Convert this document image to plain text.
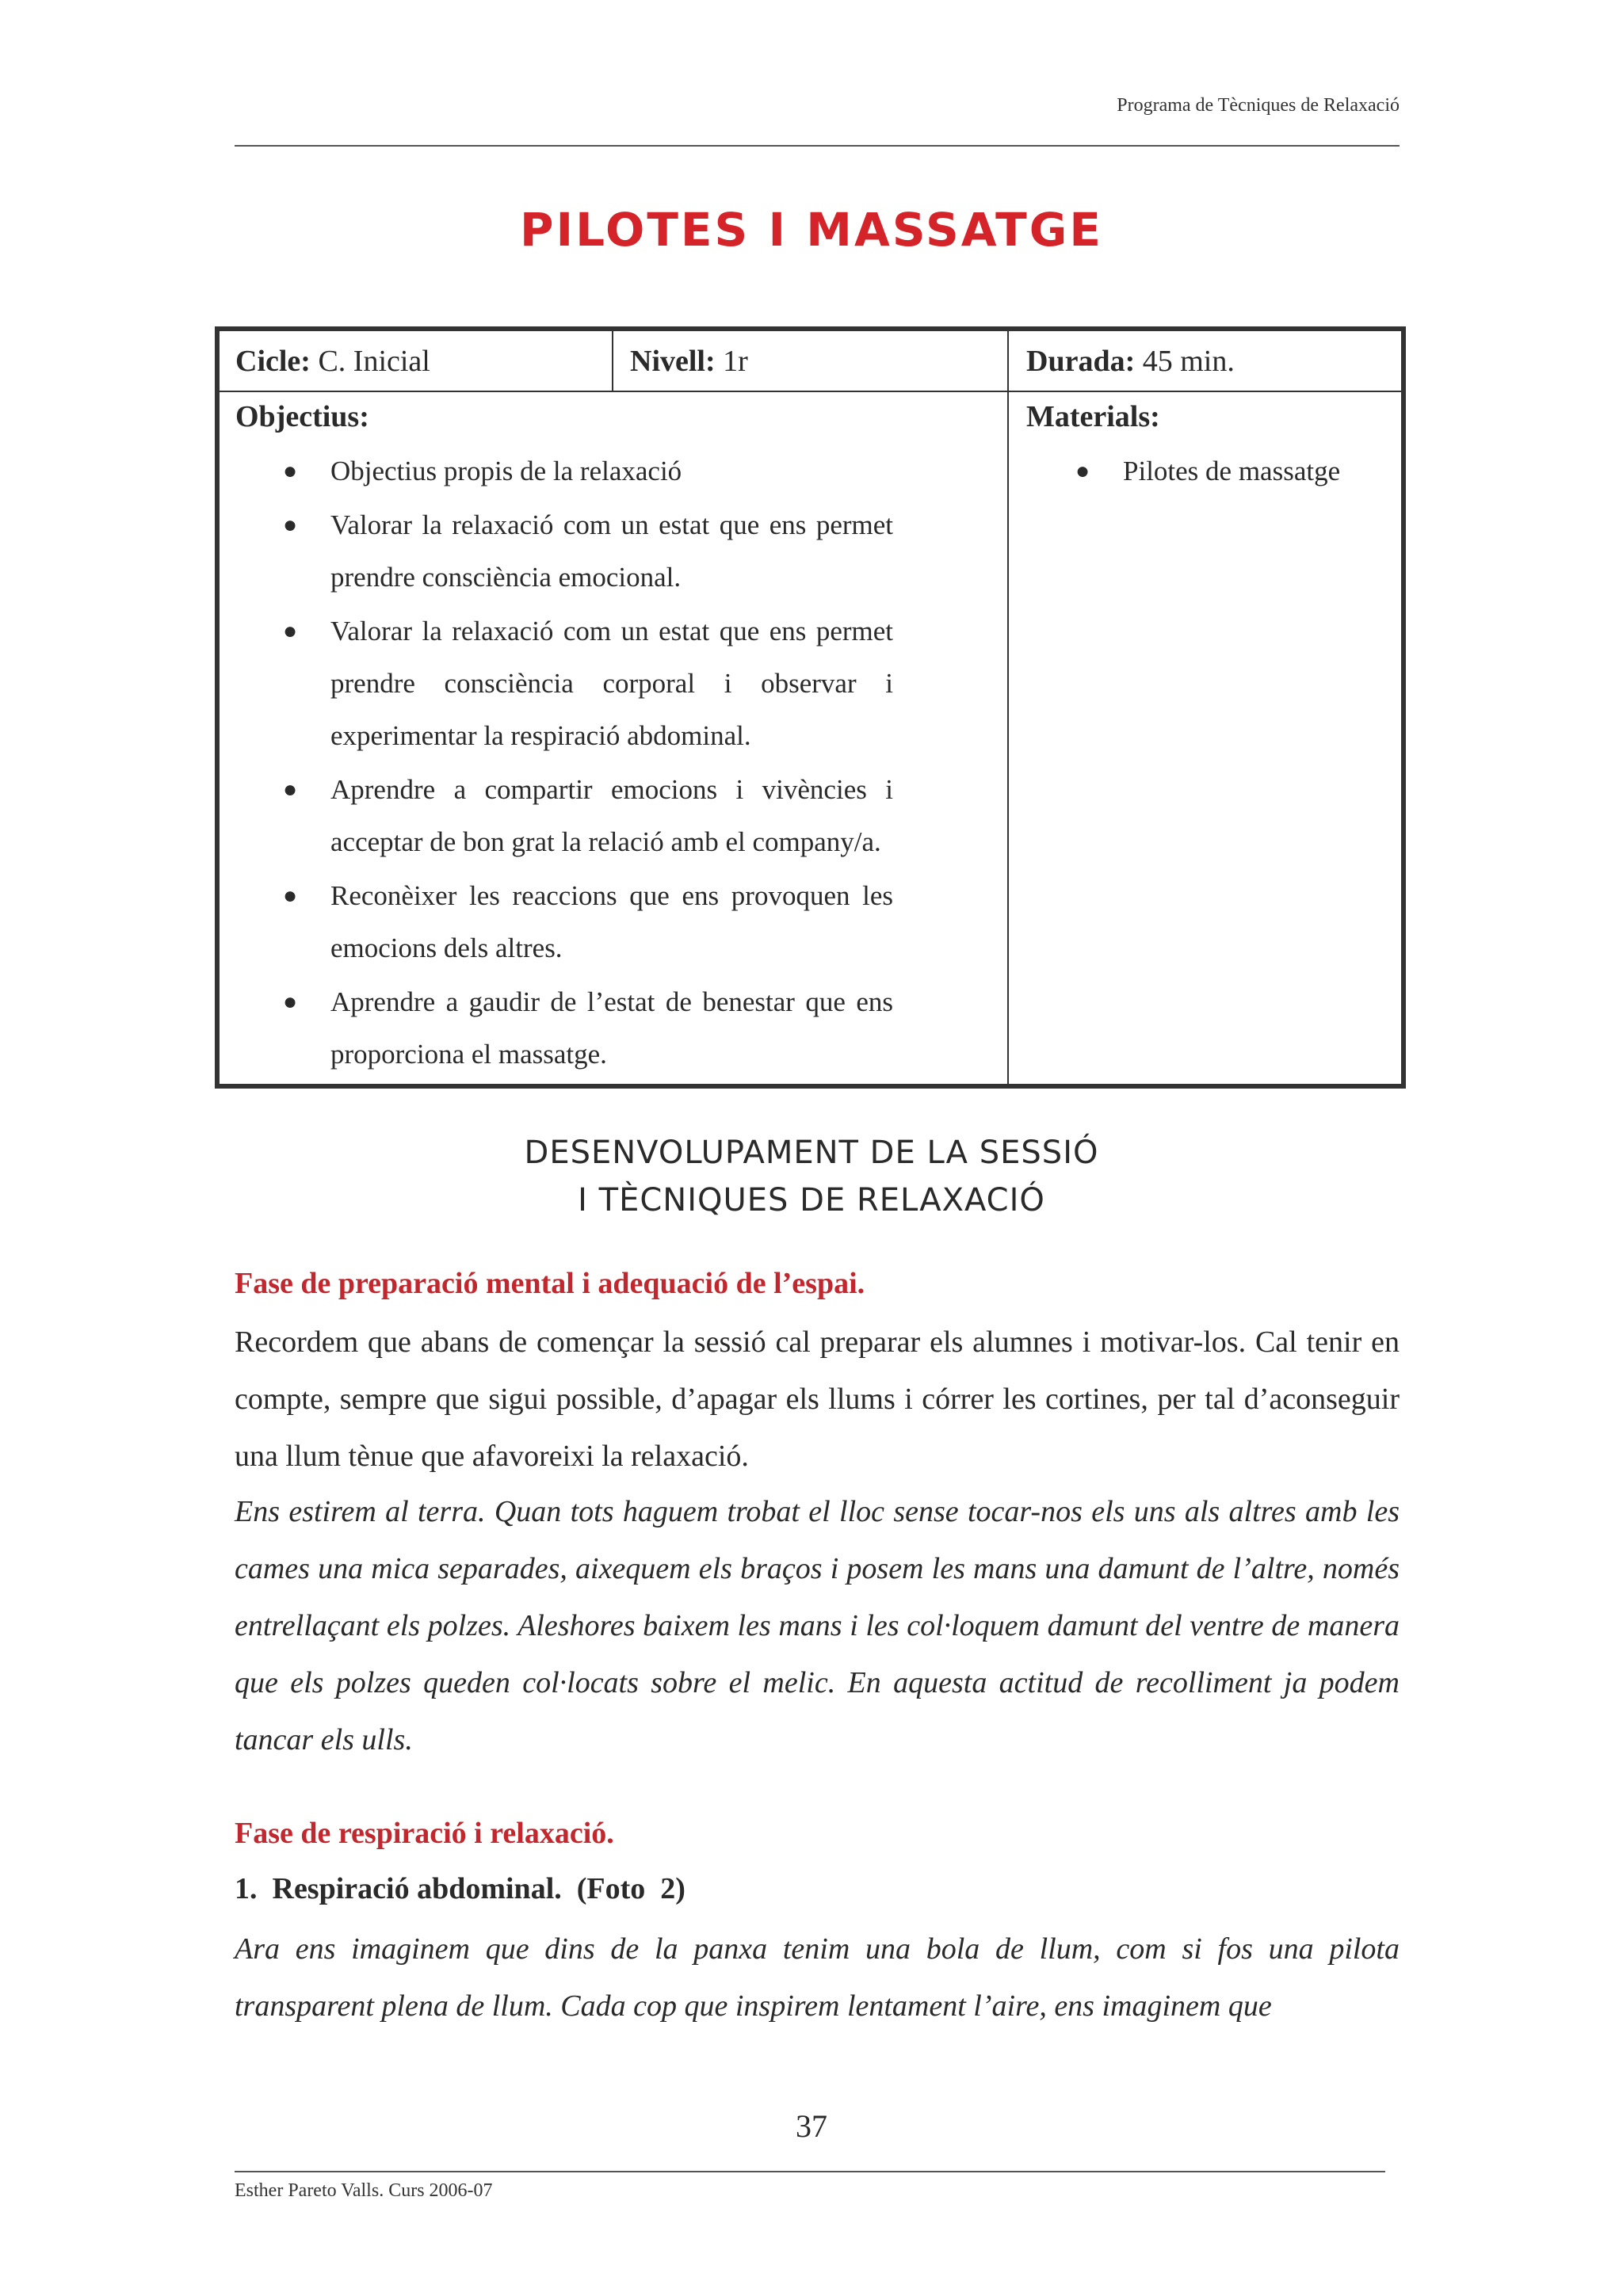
Programa de Tècniques de Relaxació
PILOTES I MASSATGE
Cicle: C. Inicial	Nivell: 1r	Durada: 45 min.
Objectius:
● Objectius propis de la relaxació
● Valorar la relaxació com un estat que ens permet prendre consciència emocional.
● Valorar la relaxació com un estat que ens permet prendre consciència corporal i observar i experimentar la respiració abdominal.
● Aprendre a compartir emocions i vivències i acceptar de bon grat la relació amb el company/a.
● Reconèixer les reaccions que ens provoquen les emocions dels altres.
● Aprendre a gaudir de l’estat de benestar que ens proporciona el massatge.
Materials:
● Pilotes de massatge
DESENVOLUPAMENT DE LA SESSIÓ
I TÈCNIQUES DE RELAXACIÓ
Fase de preparació mental i adequació de l’espai.
Recordem que abans de començar la sessió cal preparar els alumnes i motivar-los. Cal tenir en compte, sempre que sigui possible, d’apagar els llums i córrer les cortines, per tal d’aconseguir una llum tènue que afavoreixi la relaxació.
Ens estirem al terra. Quan tots haguem trobat el lloc sense tocar-nos els uns als altres amb les cames una mica separades, aixequem els braços i posem les mans una damunt de l’altre, només entrellaçant els polzes. Aleshores baixem les mans i les col·loquem damunt del ventre de manera que els polzes queden col·locats sobre el melic. En aquesta actitud de recolliment ja podem tancar els ulls.
Fase de respiració i relaxació.
1.  Respiració abdominal.  (Foto  2)
Ara ens imaginem que dins de la panxa tenim una bola de llum, com si fos una pilota transparent plena de llum. Cada cop que inspirem lentament l’aire, ens imaginem que
37
Esther Pareto Valls. Curs 2006-07
